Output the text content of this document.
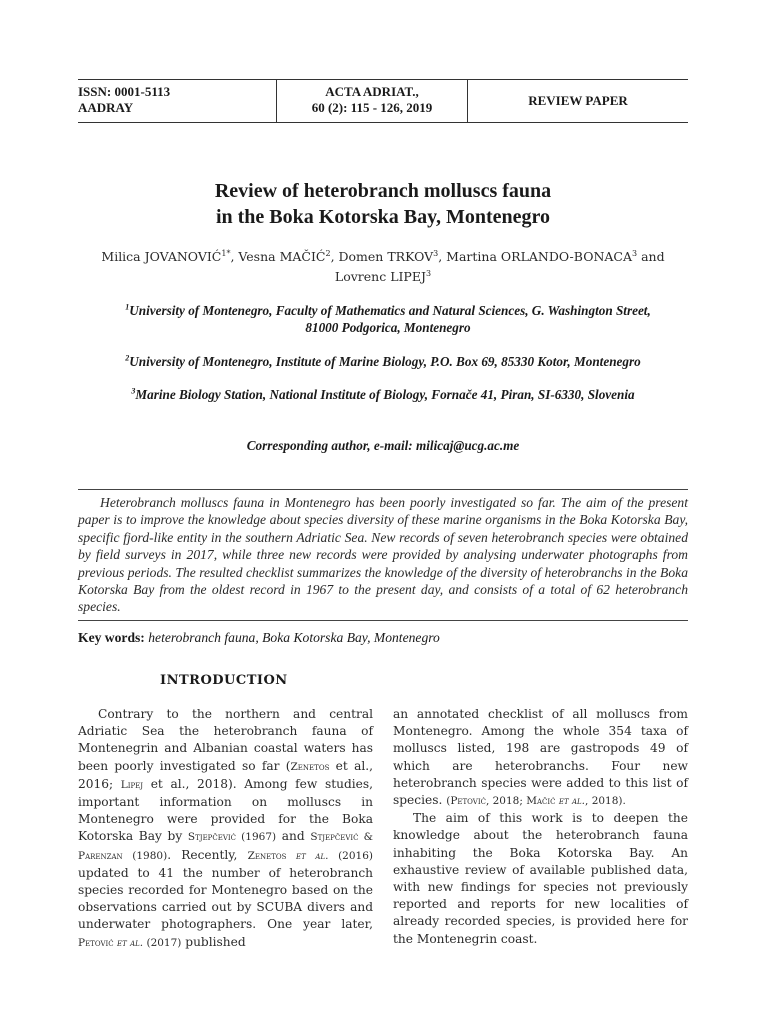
ISSN: 0001-5113
AADRAY
ACTA ADRIAT.,
60 (2): 115 - 126, 2019	REVIEW PAPER
Review of heterobranch molluscs fauna
in the Boka Kotorska Bay, Montenegro
Milica $JOVANOVIĆ^{1*}$, Vesna MAČIĆ$^2$, Domen TRKOV$^3$, Martina ORLANDO-BONACA$^3$ and Lovrenc LIPEJ$^3$
$^1$University of Montenegro, Faculty of Mathematics and Natural Sciences, G. Washington Street, 81000 Podgorica, Montenegro
$^2$University of Montenegro, Institute of Marine Biology, P.O. Box 69, 85330 Kotor, Montenegro
$^3$Marine Biology Station, National Institute of Biology, Fornače 41, Piran, SI-6330, Slovenia
Corresponding author, e-mail: milicaj@ucg.ac.me
Heterobranch molluscs fauna in Montenegro has been poorly investigated so far. The aim of the present paper is to improve the knowledge about species diversity of these marine organisms in the Boka Kotorska Bay, specific fjord-like entity in the southern Adriatic Sea. New records of seven heterobranch species were obtained by field surveys in 2017, while three new records were provided by analysing underwater photographs from previous periods. The resulted checklist summarizes the knowledge of the diversity of heterobranchs in the Boka Kotorska Bay from the oldest record in 1967 to the present day, and consists of a total of 62 heterobranch species.
Key words: heterobranch fauna, Boka Kotorska Bay, Montenegro
INTRODUCTION

Contrary to the northern and central Adriatic Sea the heterobranch fauna of Montenegrin and Albanian coastal waters has been poorly investigated so far (Zenetos et al., 2016; Lipej et al., 2018). Among few studies, important information on molluscs in Montenegro were provided for the Boka Kotorska Bay by Stjepčević (1967) and Stjepčević & Parenzan (1980). Recently, Zenetos et al. (2016) updated to 41 the number of heterobranch species recorded for Montenegro based on the observations carried out by SCUBA divers and underwater photographers. One year later, Petović et al. (2017) published

an annotated checklist of all molluscs from Montenegro. Among the whole 354 taxa of molluscs listed, 198 are gastropods 49 of which are heterobranchs. Four new heterobranch species were added to this list of species. (Petović, 2018; Mačić et al., 2018).

The aim of this work is to deepen the knowledge about the heterobranch fauna inhabiting the Boka Kotorska Bay. An exhaustive review of available published data, with new findings for species not previously reported and reports for new localities of already recorded species, is provided here for the Montenegrin coast.
